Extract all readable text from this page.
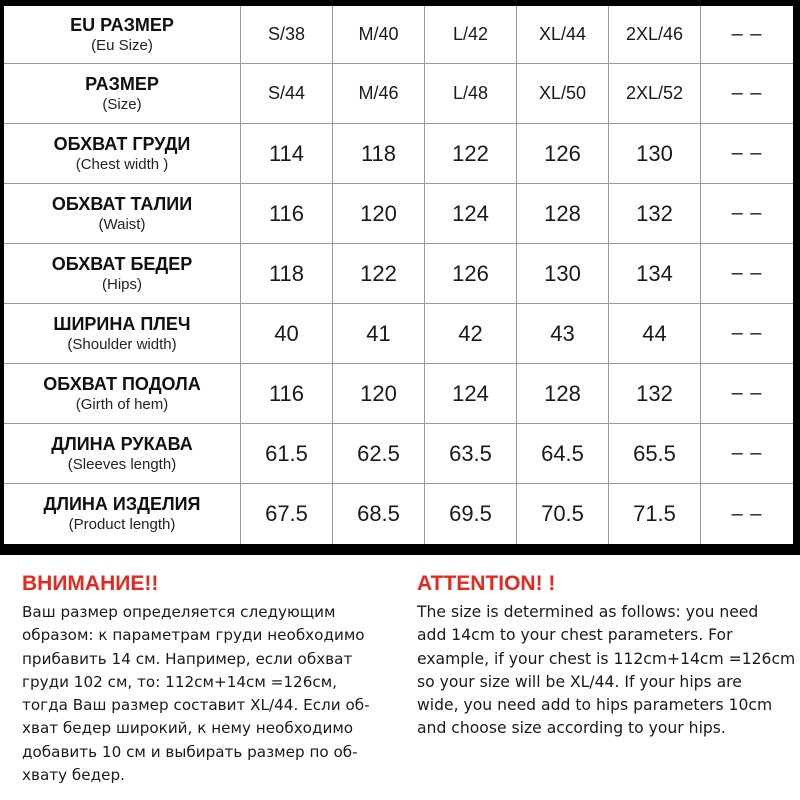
EU РАЗМЕР
(Eu Size)	S/38	M/40	L/42	XL/44	2XL/46	– –

РАЗМЕР
(Size)	S/44	M/46	L/48	XL/50	2XL/52	– –

ОБХВАТ ГРУДИ
(Chest width )	114	118	122	126	130	– –

ОБХВАТ ТАЛИИ
(Waist)	116	120	124	128	132	– –

ОБХВАТ БЕДЕР
(Hips)	118	122	126	130	134	– –

ШИРИНА ПЛЕЧ
(Shoulder width)	40	41	42	43	44	– –

ОБХВАТ ПОДОЛА
(Girth of hem)	116	120	124	128	132	– –

ДЛИНА РУКАВА
(Sleeves length)	61.5	62.5	63.5	64.5	65.5	– –

ДЛИНА ИЗДЕЛИЯ
(Product length)	67.5	68.5	69.5	70.5	71.5	– –
ВНИМАНИЕ!!
Ваш размер определяется следующим
образом: к параметрам груди необходимо
прибавить 14 см. Например, если обхват
груди 102 см, то: 112см+14см =126см,
тогда Ваш размер составит XL/44. Если об-
хват бедер широкий, к нему необходимо
добавить 10 см и выбирать размер по об-
хвату бедер.
ATTENTION! !
The size is determined as follows: you need
add 14cm to your chest parameters. For
example, if your chest is 112cm+14cm =126cm
so your size will be XL/44. If your hips are
wide, you need add to hips parameters 10cm
and choose size according to your hips.
